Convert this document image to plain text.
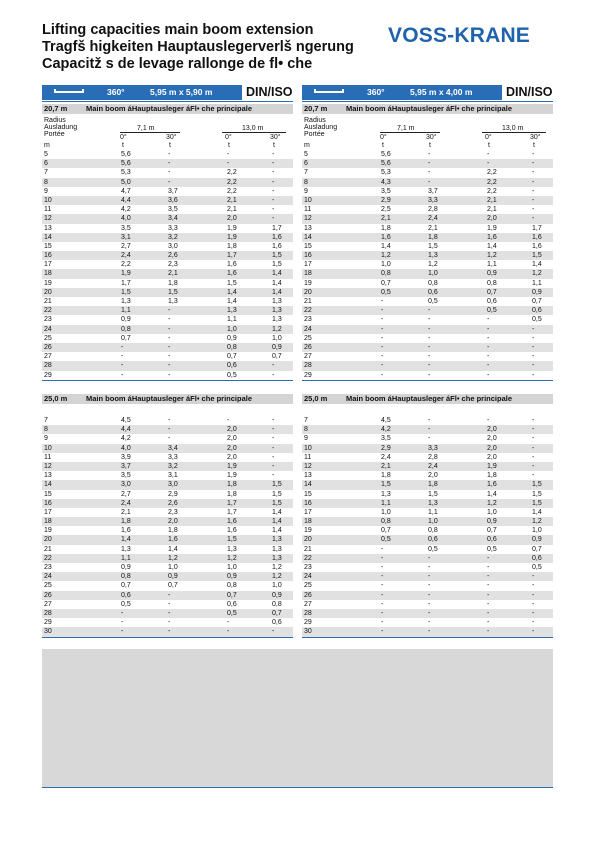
Lifting capacities main boom extension
Tragfš higkeiten Hauptauslegerverlš ngerung
Capacitž s de levage rallonge de fl• che
VOSS-KRANE
360°	5,95 m x 5,90 m	DIN/ISO	360°	5,95 m x 4,00 m	DIN/ISO
20,7 m Main boom áHauptausleger áFl• che principale
Radius
Ausladung
Portée
7,1 m	13,0 m
0°	30°	0°	30°
m	t	t	t	t
5	5,6	-	-	-
6	5,6	-	-	-
7	5,3	-	2,2	-
8	5,0	-	2,2	-
9	4,7	3,7	2,2	-
10	4,4	3,6	2,1	-
11	4,2	3,5	2,1	-
12	4,0	3,4	2,0	-
13	3,5	3,3	1,9	1,7
14	3,1	3,2	1,9	1,6
15	2,7	3,0	1,8	1,6
16	2,4	2,6	1,7	1,5
17	2,2	2,3	1,6	1,5
18	1,9	2,1	1,6	1,4
19	1,7	1,8	1,5	1,4
20	1,5	1,5	1,4	1,4
21	1,3	1,3	1,4	1,3
22	1,1	-	1,3	1,3
23	0,9	-	1,1	1,3
24	0,8	-	1,0	1,2
25	0,7	-	0,9	1,0
26	-	-	0,8	0,9
27	-	-	0,7	0,7
28	-	-	0,6	-
29	-	-	0,5	-
20,7 m Main boom áHauptausleger áFl• che principale
Radius
Ausladung
Portée
7,1 m	13,0 m
0°	30°	0°	30°
m	t	t	t	t
5	5,6	-	-	-
6	5,6	-	-	-
7	5,3	-	2,2	-
8	4,3	-	2,2	-
9	3,5	3,7	2,2	-
10	2,9	3,3	2,1	-
11	2,5	2,8	2,1	-
12	2,1	2,4	2,0	-
13	1,8	2,1	1,9	1,7
14	1,6	1,8	1,6	1,6
15	1,4	1,5	1,4	1,6
16	1,2	1,3	1,2	1,5
17	1,0	1,2	1,1	1,4
18	0,8	1,0	0,9	1,2
19	0,7	0,8	0,8	1,1
20	0,5	0,6	0,7	0,9
21	-	0,5	0,6	0,7
22	-	-	0,5	0,6
23	-	-	-	0,5
24	-	-	-	-
25	-	-	-	-
26	-	-	-	-
27	-	-	-	-
28	-	-	-	-
29	-	-	-	-
25,0 m Main boom áHauptausleger áFl• che principale
7	4,5	-	-	-
8	4,4	-	2,0	-
9	4,2	-	2,0	-
10	4,0	3,4	2,0	-
11	3,9	3,3	2,0	-
12	3,7	3,2	1,9	-
13	3,5	3,1	1,9	-
14	3,0	3,0	1,8	1,5
15	2,7	2,9	1,8	1,5
16	2,4	2,6	1,7	1,5
17	2,1	2,3	1,7	1,4
18	1,8	2,0	1,6	1,4
19	1,6	1,8	1,6	1,4
20	1,4	1,6	1,5	1,3
21	1,3	1,4	1,3	1,3
22	1,1	1,2	1,2	1,3
23	0,9	1,0	1,0	1,2
24	0,8	0,9	0,9	1,2
25	0,7	0,7	0,8	1,0
26	0,6	-	0,7	0,9
27	0,5	-	0,6	0,8
28	-	-	0,5	0,7
29	-	-	-	0,6
30	-	-	-	-
25,0 m Main boom áHauptausleger áFl• che principale
7	4,5	-	-	-
8	4,2	-	2,0	-
9	3,5	-	2,0	-
10	2,9	3,3	2,0	-
11	2,4	2,8	2,0	-
12	2,1	2,4	1,9	-
13	1,8	2,0	1,8	-
14	1,5	1,8	1,6	1,5
15	1,3	1,5	1,4	1,5
16	1,1	1,3	1,2	1,5
17	1,0	1,1	1,0	1,4
18	0,8	1,0	0,9	1,2
19	0,7	0,8	0,7	1,0
20	0,5	0,6	0,6	0,9
21	-	0,5	0,5	0,7
22	-	-	-	0,6
23	-	-	-	0,5
24	-	-	-	-
25	-	-	-	-
26	-	-	-	-
27	-	-	-	-
28	-	-	-	-
29	-	-	-	-
30	-	-	-	-
